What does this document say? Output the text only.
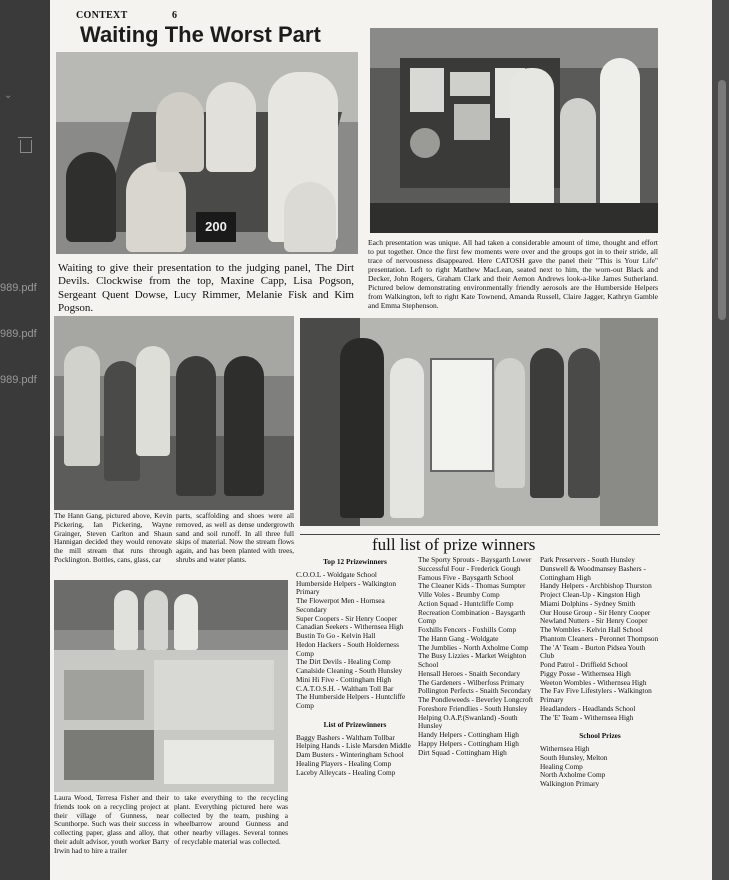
⌄
989.pdf
989.pdf
989.pdf
CONTEXT	6
Waiting The Worst Part
200
Waiting to give their presentation to the judging panel, The Dirt Devils. Clockwise from the top, Maxine Capp, Lisa Pogson, Sergeant Quent Dowse, Lucy Rimmer, Melanie Fisk and Kim Pogson.
Each presentation was unique. All had taken a considerable amount of time, thought and effort to put together. Once the first few moments were over and the groups got in to their stride, all trace of nervousness disappeared. Here CATOSH gave the panel their "This is Your Life" presentation. Left to right Matthew MacLean, seated next to him, the worn-out Black and Decker, John Rogers, Graham Clark and their Aemon Andrews look-a-like James Sutherland. Pictured below demonstrating environmentally friendly aerosols are the Humberside Helpers from Walkington, left to right Kate Townend, Amanda Russell, Claire Jagger, Kathryn Gamble and Emma Stephenson.
The Hann Gang, pictured above, Kevin Pickering, Ian Pickering, Wayne Grainger, Steven Carlton and Shaun Hannigan decided they would renovate the mill stream that runs through Pocklington. Bottles, cans, glass, car
parts, scaffolding and shoes were all removed, as well as dense undergrowth sand and soil runoff. In all three full skips of material. Now the stream flows again, and has been planted with trees, shrubs and water plants.
full list of prize winners
Laura Wood, Terresa Fisher and their friends took on a recycling project at their village of Gunness, near Scunthorpe. Such was their success in collecting paper, glass and alloy, that their adult advisor, youth worker Barry Irwin had to hire a trailer
to take everything to the recycling plant. Everything pictured here was collected by the team, pushing a wheelbarrow around Gunness and other nearby villages. Several tonnes of recyclable material was collected.
Top 12 Prizewinners
C.O.O.L - Woldgate School
Humberside Helpers - Walkington Primary
The Flowerpot Men - Hornsea Secondary
Super Coopers - Sir Henry Cooper
Canadian Seekers - Withernsea High
Bustin To Go - Kelvin Hall
Hedon Hackers - South Holderness Comp
The Dirt Devils - Healing Comp
Canalside Cleaning - South Hunsley
Mini Hi Five - Cottingham High
C.A.T.O.S.H. - Waltham Toll Bar
The Humberside Helpers - Huntcliffe Comp
List of Prizewinners
Baggy Bashers - Waltham Tollbar
Helping Hands - Lisle Marsden Middle
Dam Busters - Winteringham School
Healing Players - Healing Comp
Laceby Alleycats - Healing Comp
The Sporty Sprouts - Baysgarth Lower
Successful Four - Frederick Gough
Famous Five - Baysgarth School
The Cleaner Kids - Thomas Sumpter
Ville Voles - Brumby Comp
Action Squad - Huntcliffe Comp
Recreation Combination - Baysgarth Comp
Foxhills Fencers - Foxhills Comp
The Hann Gang - Woldgate
The Jumblies - North Axholme Comp
The Busy Lizzies - Market Weighton School
Hensall Heroes - Snaith Secondary
The Gardeners - Wilberfoss Primary
Pollington Perfects - Snaith Secondary
The Pondleweeds - Beverley Longcroft
Foreshore Friendlies - South Hunsley
Helping O.A.P.(Swanland) -South Hunsley
Handy Helpers - Cottingham High
Happy Helpers - Cottingham High
Dirt Squad - Cottingham High
Park Preservers - South Hunsley
Dunswell & Woodmansey Bashers - Cottingham High
Handy Helpers - Archbishop Thurston
Project Clean-Up - Kingston High
Miami Dolphins - Sydney Smith
Our House Group - Sir Henry Cooper
Newland Nutters - Sir Henry Cooper
The Wombles - Kelvin Hall School
Phantom Cleaners - Peronnet Thompson
The 'A' Team - Burton Pidsea Youth Club
Pond Patrol - Driffield School
Piggy Posse - Withernsea High
Weeton Wombles - Withernsea High
The Fav Five Lifestylers - Walkington Primary
Headlanders - Headlands School
The 'E' Team - Withernsea High
School Prizes
Withernsea High
South Hunsley, Melton
Healing Comp
North Axholme Comp
Walkington Primary
